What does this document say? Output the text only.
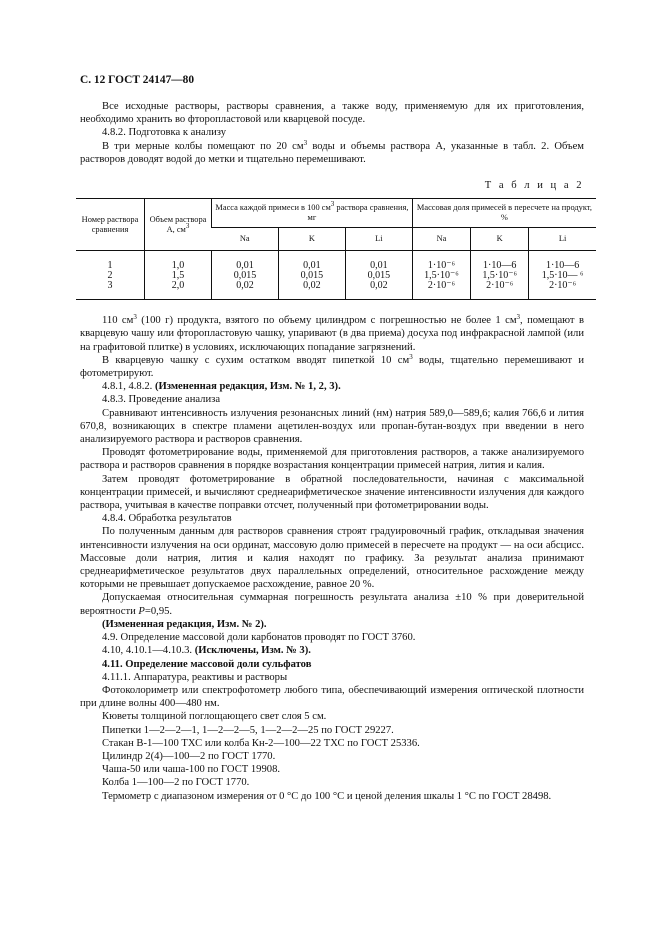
С. 12 ГОСТ 24147—80

Все исходные растворы, растворы сравнения, а также воду, применяемую для их приготовления, необходимо хранить во фторопластовой или кварцевой посуде.

4.8.2. Подготовка к анализу

В три мерные колбы помещают по 20 $см^3$ воды и объемы раствора А, указанные в табл. 2. Объем растворов доводят водой до метки и тщательно перемешивают.

Т а б л и ц а 2
Номер раствора сравнения	Объем раствора А, $см^3$	Масса каждой примеси в 100 $см^3$ раствора сравнения, мг			Массовая доля примесей в пересчете на продукт, %		
		Na	K	Li	Na	K	Li
1	1,0	0,01	0,01	0,01	1·10⁻⁶	1·10—6	1·10—6
2	1,5	0,015	0,015	0,015	1,5·10⁻⁶	1,5·10⁻⁶	1,5·10— ⁶
3	2,0	0,02	0,02	0,02	2·10⁻⁶	2·10⁻⁶	2·10⁻⁶

110 $см^3$ (100 г) продукта, взятого по объему цилиндром с погрешностью не более 1 $см^3$, помещают в кварцевую чашу или фторопластовую чашку, упаривают (в два приема) досуха под инфракрасной лампой (или на графитовой плитке) в условиях, исключающих попадание загрязнений.

В кварцевую чашку с сухим остатком вводят пипеткой 10 $см^3$ воды, тщательно перемешивают и фотометрируют.

4.8.1, 4.8.2. (Измененная редакция, Изм. № 1, 2, 3).

4.8.3. Проведение анализа

Сравнивают интенсивность излучения резонансных линий (нм) натрия 589,0—589,6; калия 766,6 и лития 670,8, возникающих в спектре пламени ацетилен-воздух или пропан-бутан-воздух при введении в него анализируемого раствора и растворов сравнения.

Проводят фотометрирование воды, применяемой для приготовления растворов, а также анализируемого раствора и растворов сравнения в порядке возрастания концентрации примесей натрия, лития и калия.

Затем проводят фотометрирование в обратной последовательности, начиная с максимальной концентрации примесей, и вычисляют среднеарифметическое значение интенсивности излучения для каждого раствора, учитывая в качестве поправки отсчет, полученный при фотометрировании воды.

4.8.4. Обработка результатов

По полученным данным для растворов сравнения строят градуировочный график, откладывая значения интенсивности излучения на оси ординат, массовую долю примесей в пересчете на продукт — на оси абсцисс. Массовые доли натрия, лития и калия находят по графику. За результат анализа принимают среднеарифметическое результатов двух параллельных определений, относительное расхождение между которыми не превышает допускаемое расхождение, равное 20 %.

Допускаемая относительная суммарная погрешность результата анализа ±10 % при доверительной вероятности P=0,95.

(Измененная редакция, Изм. № 2).

4.9. Определение массовой доли карбонатов проводят по ГОСТ 3760.

4.10, 4.10.1—4.10.3. (Исключены, Изм. № 3).

4.11. Определение массовой доли сульфатов

4.11.1. Аппаратура, реактивы и растворы

Фотоколориметр или спектрофотометр любого типа, обеспечивающий измерения оптической плотности при длине волны 400—480 нм.

Кюветы толщиной поглощающего свет слоя 5 см.

Пипетки 1—2—2—1, 1—2—2—5, 1—2—2—25 по ГОСТ 29227.

Стакан В-1—100 ТХС или колба Кн-2—100—22 ТХС по ГОСТ 25336.

Цилиндр 2(4)—100—2 по ГОСТ 1770.

Чаша-50 или чаша-100 по ГОСТ 19908.

Колба 1—100—2 по ГОСТ 1770.

Термометр с диапазоном измерения от 0 °С до 100 °С и ценой деления шкалы 1 °С по ГОСТ 28498.
